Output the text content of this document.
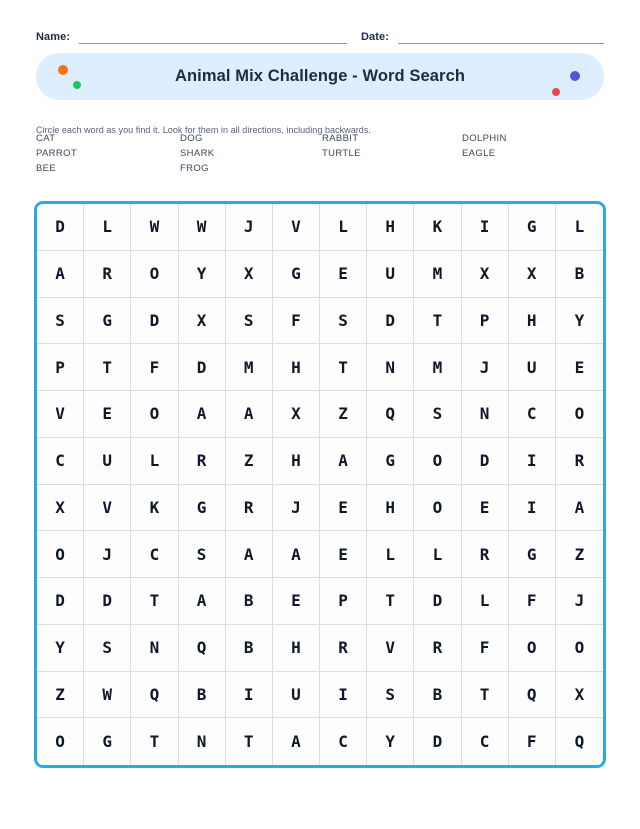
Name:	Date:
Animal Mix Challenge - Word Search

Circle each word as you find it. Look for them in all directions, including backwards.

CAT	DOG	RABBIT	DOLPHIN
PARROT	SHARK	TURTLE	EAGLE
BEE	FROG
D	L	W	W	J	V	L	H	K	I	G	L
A	R	O	Y	X	G	E	U	M	X	X	B
S	G	D	X	S	F	S	D	T	P	H	Y
P	T	F	D	M	H	T	N	M	J	U	E
V	E	O	A	A	X	Z	Q	S	N	C	O
C	U	L	R	Z	H	A	G	O	D	I	R
X	V	K	G	R	J	E	H	O	E	I	A
O	J	C	S	A	A	E	L	L	R	G	Z
D	D	T	A	B	E	P	T	D	L	F	J
Y	S	N	Q	B	H	R	V	R	F	O	O
Z	W	Q	B	I	U	I	S	B	T	Q	X
O	G	T	N	T	A	C	Y	D	C	F	Q
